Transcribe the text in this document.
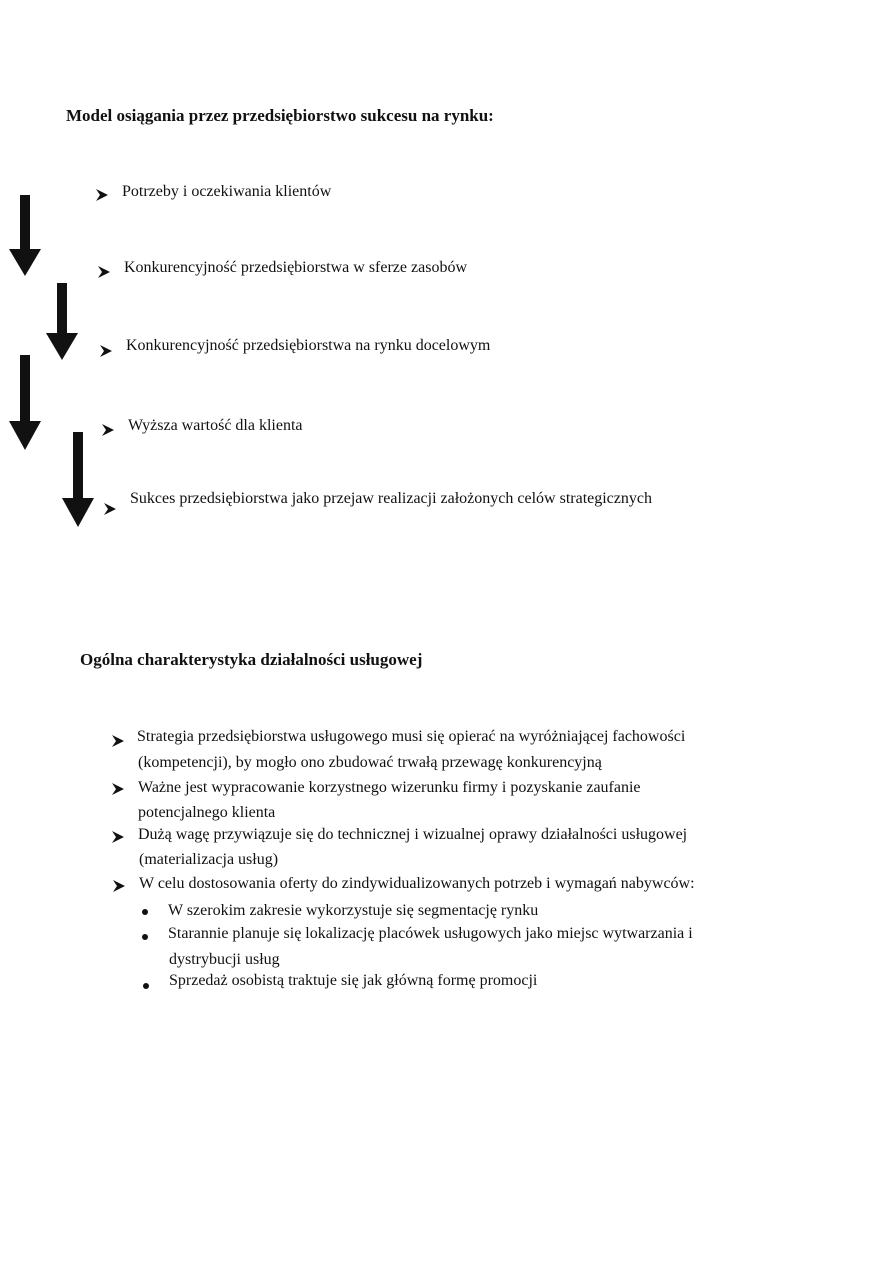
Model osiągania przez przedsiębiorstwo sukcesu na rynku:
Potrzeby i oczekiwania klientów
Konkurencyjność przedsiębiorstwa w sferze zasobów
Konkurencyjność przedsiębiorstwa na rynku docelowym
Wyższa wartość dla klienta
Sukces przedsiębiorstwa jako przejaw realizacji założonych celów strategicznych
Ogólna charakterystyka działalności usługowej
Strategia przedsiębiorstwa usługowego musi się opierać na wyróżniającej fachowości
(kompetencji), by mogło ono zbudować trwałą przewagę konkurencyjną
Ważne jest wypracowanie korzystnego wizerunku firmy i pozyskanie zaufanie
potencjalnego klienta
Dużą wagę przywiązuje się do technicznej i wizualnej oprawy działalności usługowej
(materializacja usług)
W celu dostosowania oferty do zindywidualizowanych potrzeb i wymagań nabywców:
W szerokim zakresie wykorzystuje się segmentację rynku
Starannie planuje się lokalizację placówek usługowych jako miejsc wytwarzania i
dystrybucji usług
Sprzedaż osobistą traktuje się jak główną formę promocji
